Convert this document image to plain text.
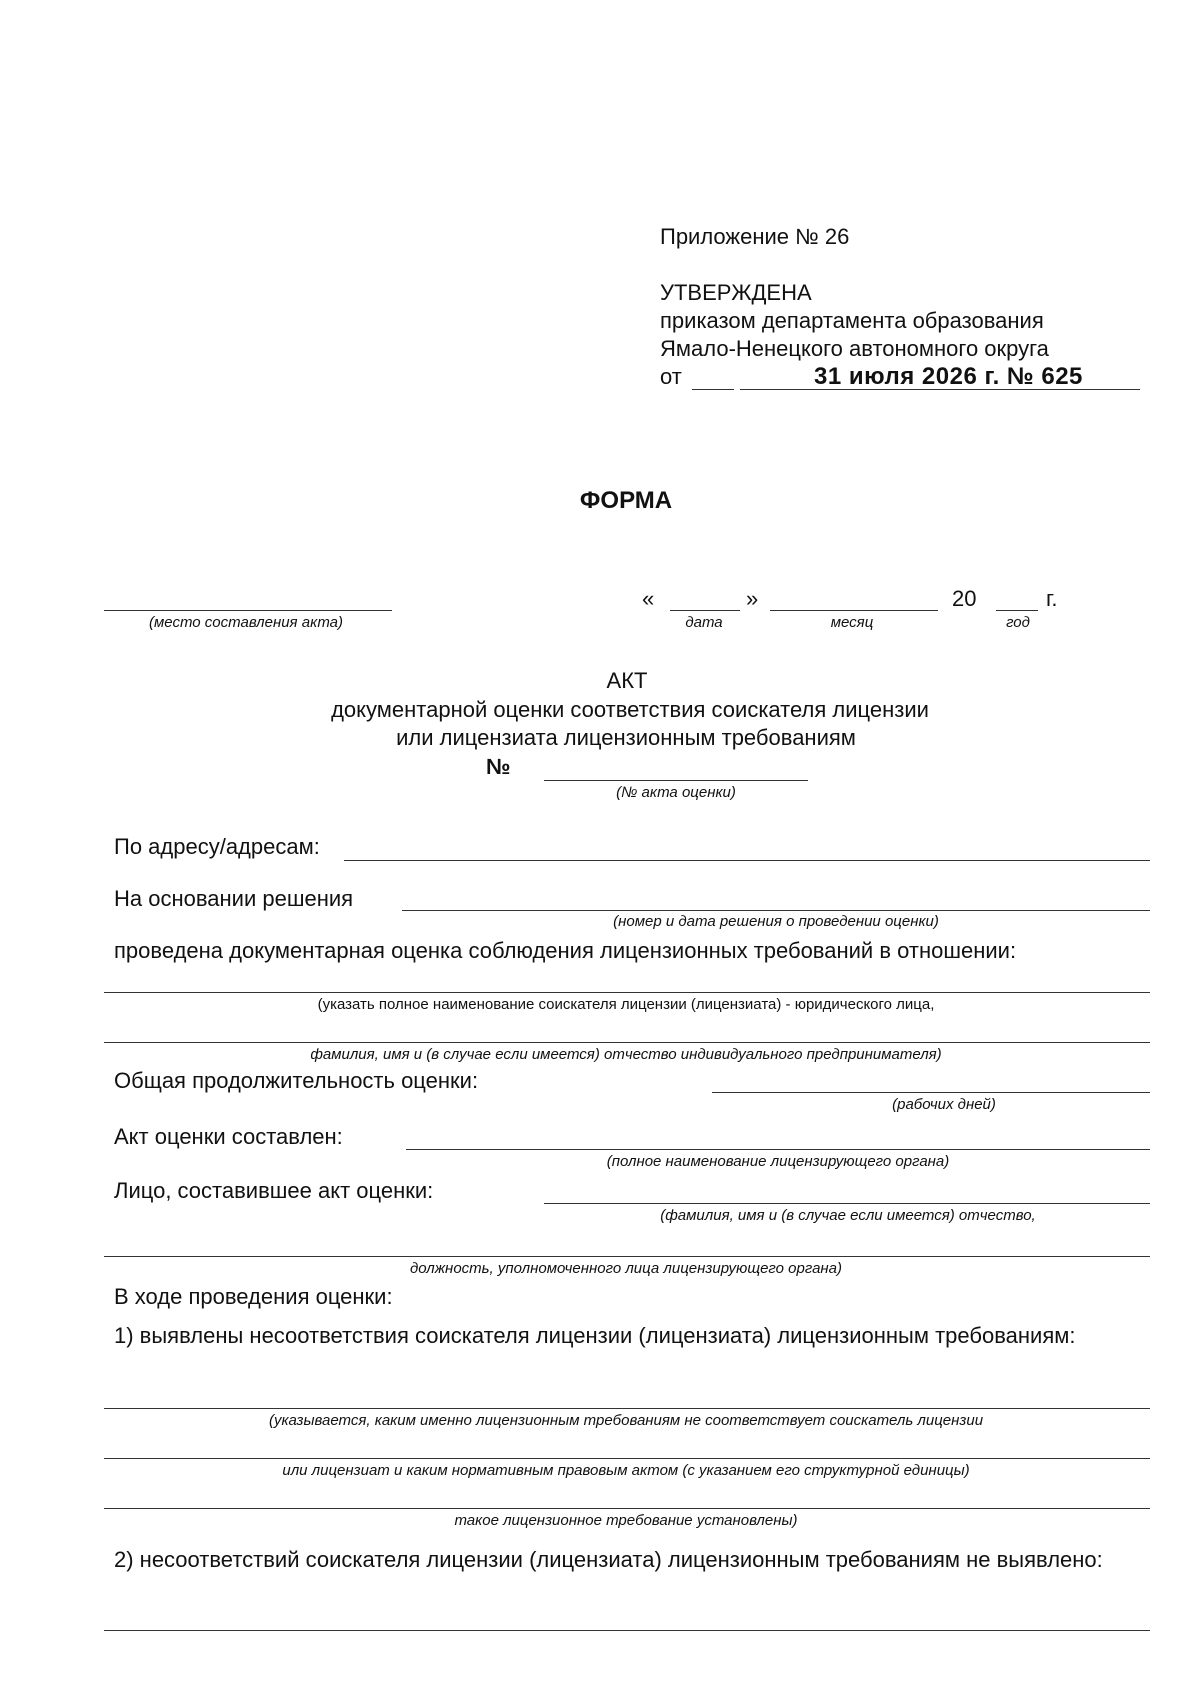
Приложение № 26
УТВЕРЖДЕНА
приказом департамента образования
Ямало-Ненецкого автономного округа
от	31 июля 2026 г. № 625
ФОРМА
(место составления акта)
«	»	20	г.
дата	месяц	год
АКТ
документарной оценки соответствия соискателя лицензии
или лицензиата лицензионным требованиям
№
(№ акта оценки)
По адресу/адресам:
На основании решения
(номер и дата решения о проведении оценки)
проведена документарная оценка соблюдения лицензионных требований в отношении:
(указать полное наименование соискателя лицензии (лицензиата) - юридического лица,
фамилия, имя и (в случае если имеется) отчество индивидуального предпринимателя)
Общая продолжительность оценки:
(рабочих дней)
Акт оценки составлен:
(полное наименование лицензирующего органа)
Лицо, составившее акт оценки:
(фамилия, имя и (в случае если имеется) отчество,
должность, уполномоченного лица лицензирующего органа)
В ходе проведения оценки:
1) выявлены несоответствия соискателя лицензии (лицензиата) лицензионным требованиям:
(указывается, каким именно лицензионным требованиям не соответствует соискатель лицензии
или лицензиат и каким нормативным правовым актом (с указанием его структурной единицы)
такое лицензионное требование установлены)
2) несоответствий соискателя лицензии (лицензиата) лицензионным требованиям не выявлено:
